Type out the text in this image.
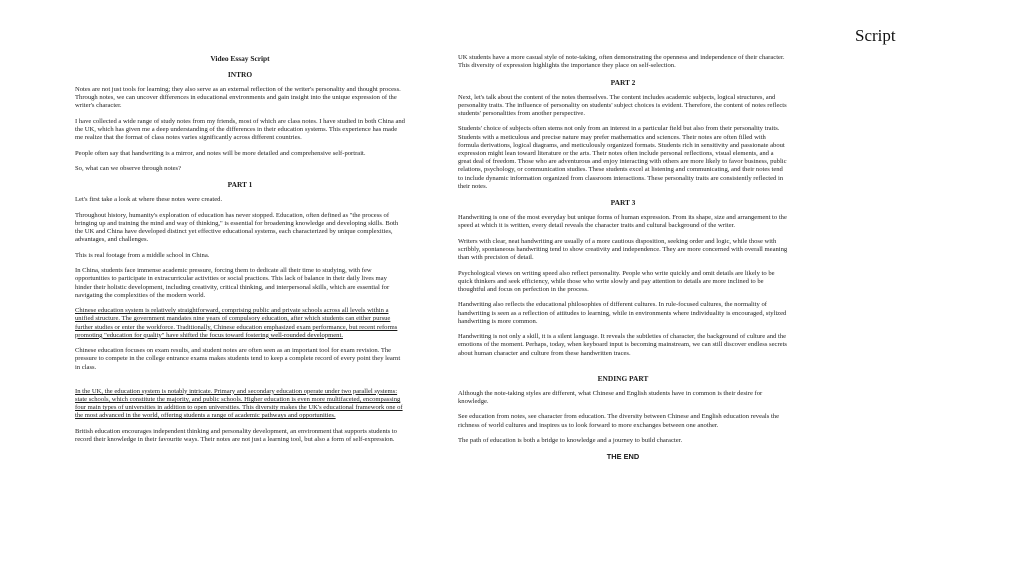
Script
Video Essay Script
INTRO

Notes are not just tools for learning; they also serve as an external reflection of the writer's personality and thought process. Through notes, we can uncover differences in educational environments and gain insight into the unique expression of the writer's character.

I have collected a wide range of study notes from my friends, most of which are class notes. I have studied in both China and the UK, which has given me a deep understanding of the differences in their education systems. This experience has made me realize that the format of class notes varies significantly across different countries.

People often say that handwriting is a mirror, and notes will be more detailed and comprehensive self-portrait.

So, what can we observe through notes?

PART 1

Let's first take a look at where these notes were created.

Throughout history, humanity's exploration of education has never stopped. Education, often defined as "the process of bringing up and training the mind and way of thinking," is essential for broadening knowledge and developing skills. Both the UK and China have developed distinct yet effective educational systems, each characterized by unique complexities, advantages, and challenges.

This is real footage from a middle school in China.

In China, students face immense academic pressure, forcing them to dedicate all their time to studying, with few opportunities to participate in extracurricular activities or social practices. This lack of balance in their daily lives may hinder their holistic development, including creativity, critical thinking, and interpersonal skills, which are essential for navigating the complexities of the modern world.

Chinese education system is relatively straightforward, comprising public and private schools across all levels within a unified structure. The government mandates nine years of compulsory education, after which students can either pursue further studies or enter the workforce. Traditionally, Chinese education emphasized exam performance, but recent reforms promoting "education for quality" have shifted the focus toward fostering well-rounded development.

Chinese education focuses on exam results, and student notes are often seen as an important tool for exam revision. The pressure to compete in the college entrance exams makes students tend to keep a complete record of every point they learnt in class.

In the UK, the education system is notably intricate. Primary and secondary education operate under two parallel systems: state schools, which constitute the majority, and public schools. Higher education is even more multifaceted, encompassing four main types of universities in addition to open universities. This diversity makes the UK's educational framework one of the most advanced in the world, offering students a range of academic pathways and opportunities.

British education encourages independent thinking and personality development, an environment that supports students to record their knowledge in their favourite ways. Their notes are not just a learning tool, but also a form of self-expression.

UK students have a more casual style of note-taking, often demonstrating the openness and independence of their character. This diversity of expression highlights the importance they place on self-selection.

PART 2

Next, let's talk about the content of the notes themselves. The content includes academic subjects, logical structures, and personality traits. The influence of personality on students' subject choices is evident. Therefore, the content of notes reflects students' personalities from another perspective.

Students' choice of subjects often stems not only from an interest in a particular field but also from their personality traits. Students with a meticulous and precise nature may prefer mathematics and sciences. Their notes are often filled with formula derivations, logical diagrams, and meticulously organized formats. Students rich in sensitivity and passionate about expression might lean toward literature or the arts. Their notes often include personal reflections, visual elements, and a great deal of freedom. Those who are adventurous and enjoy interacting with others are more likely to favor business, public relations, psychology, or communication studies. These students excel at listening and communicating, and their notes tend to include dynamic information organized from classroom interactions. These personality traits are consistently reflected in their notes.

PART 3

Handwriting is one of the most everyday but unique forms of human expression. From its shape, size and arrangement to the speed at which it is written, every detail reveals the character traits and cultural background of the writer.

Writers with clear, neat handwriting are usually of a more cautious disposition, seeking order and logic, while those with scribbly, spontaneous handwriting tend to show creativity and independence. They are more concerned with overall meaning than with precision of detail.

Psychological views on writing speed also reflect personality. People who write quickly and omit details are likely to be quick thinkers and seek efficiency, while those who write slowly and pay attention to details are more inclined to be thoughtful and focus on perfection in the process.

Handwriting also reflects the educational philosophies of different cultures. In rule-focused cultures, the normality of handwriting is seen as a reflection of attitudes to learning, while in environments where individuality is encouraged, stylized handwriting is more common.

Handwriting is not only a skill, it is a silent language. It reveals the subtleties of character, the background of culture and the emotions of the moment. Perhaps, today, when keyboard input is becoming mainstream, we can still discover endless secrets about human character and culture from these handwritten traces.

ENDING PART

Although the note-taking styles are different, what Chinese and English students have in common is their desire for knowledge.

See education from notes, see character from education. The diversity between Chinese and English education reveals the richness of world cultures and inspires us to look forward to more exchanges between one another.

The path of education is both a bridge to knowledge and a journey to build character.

THE END
